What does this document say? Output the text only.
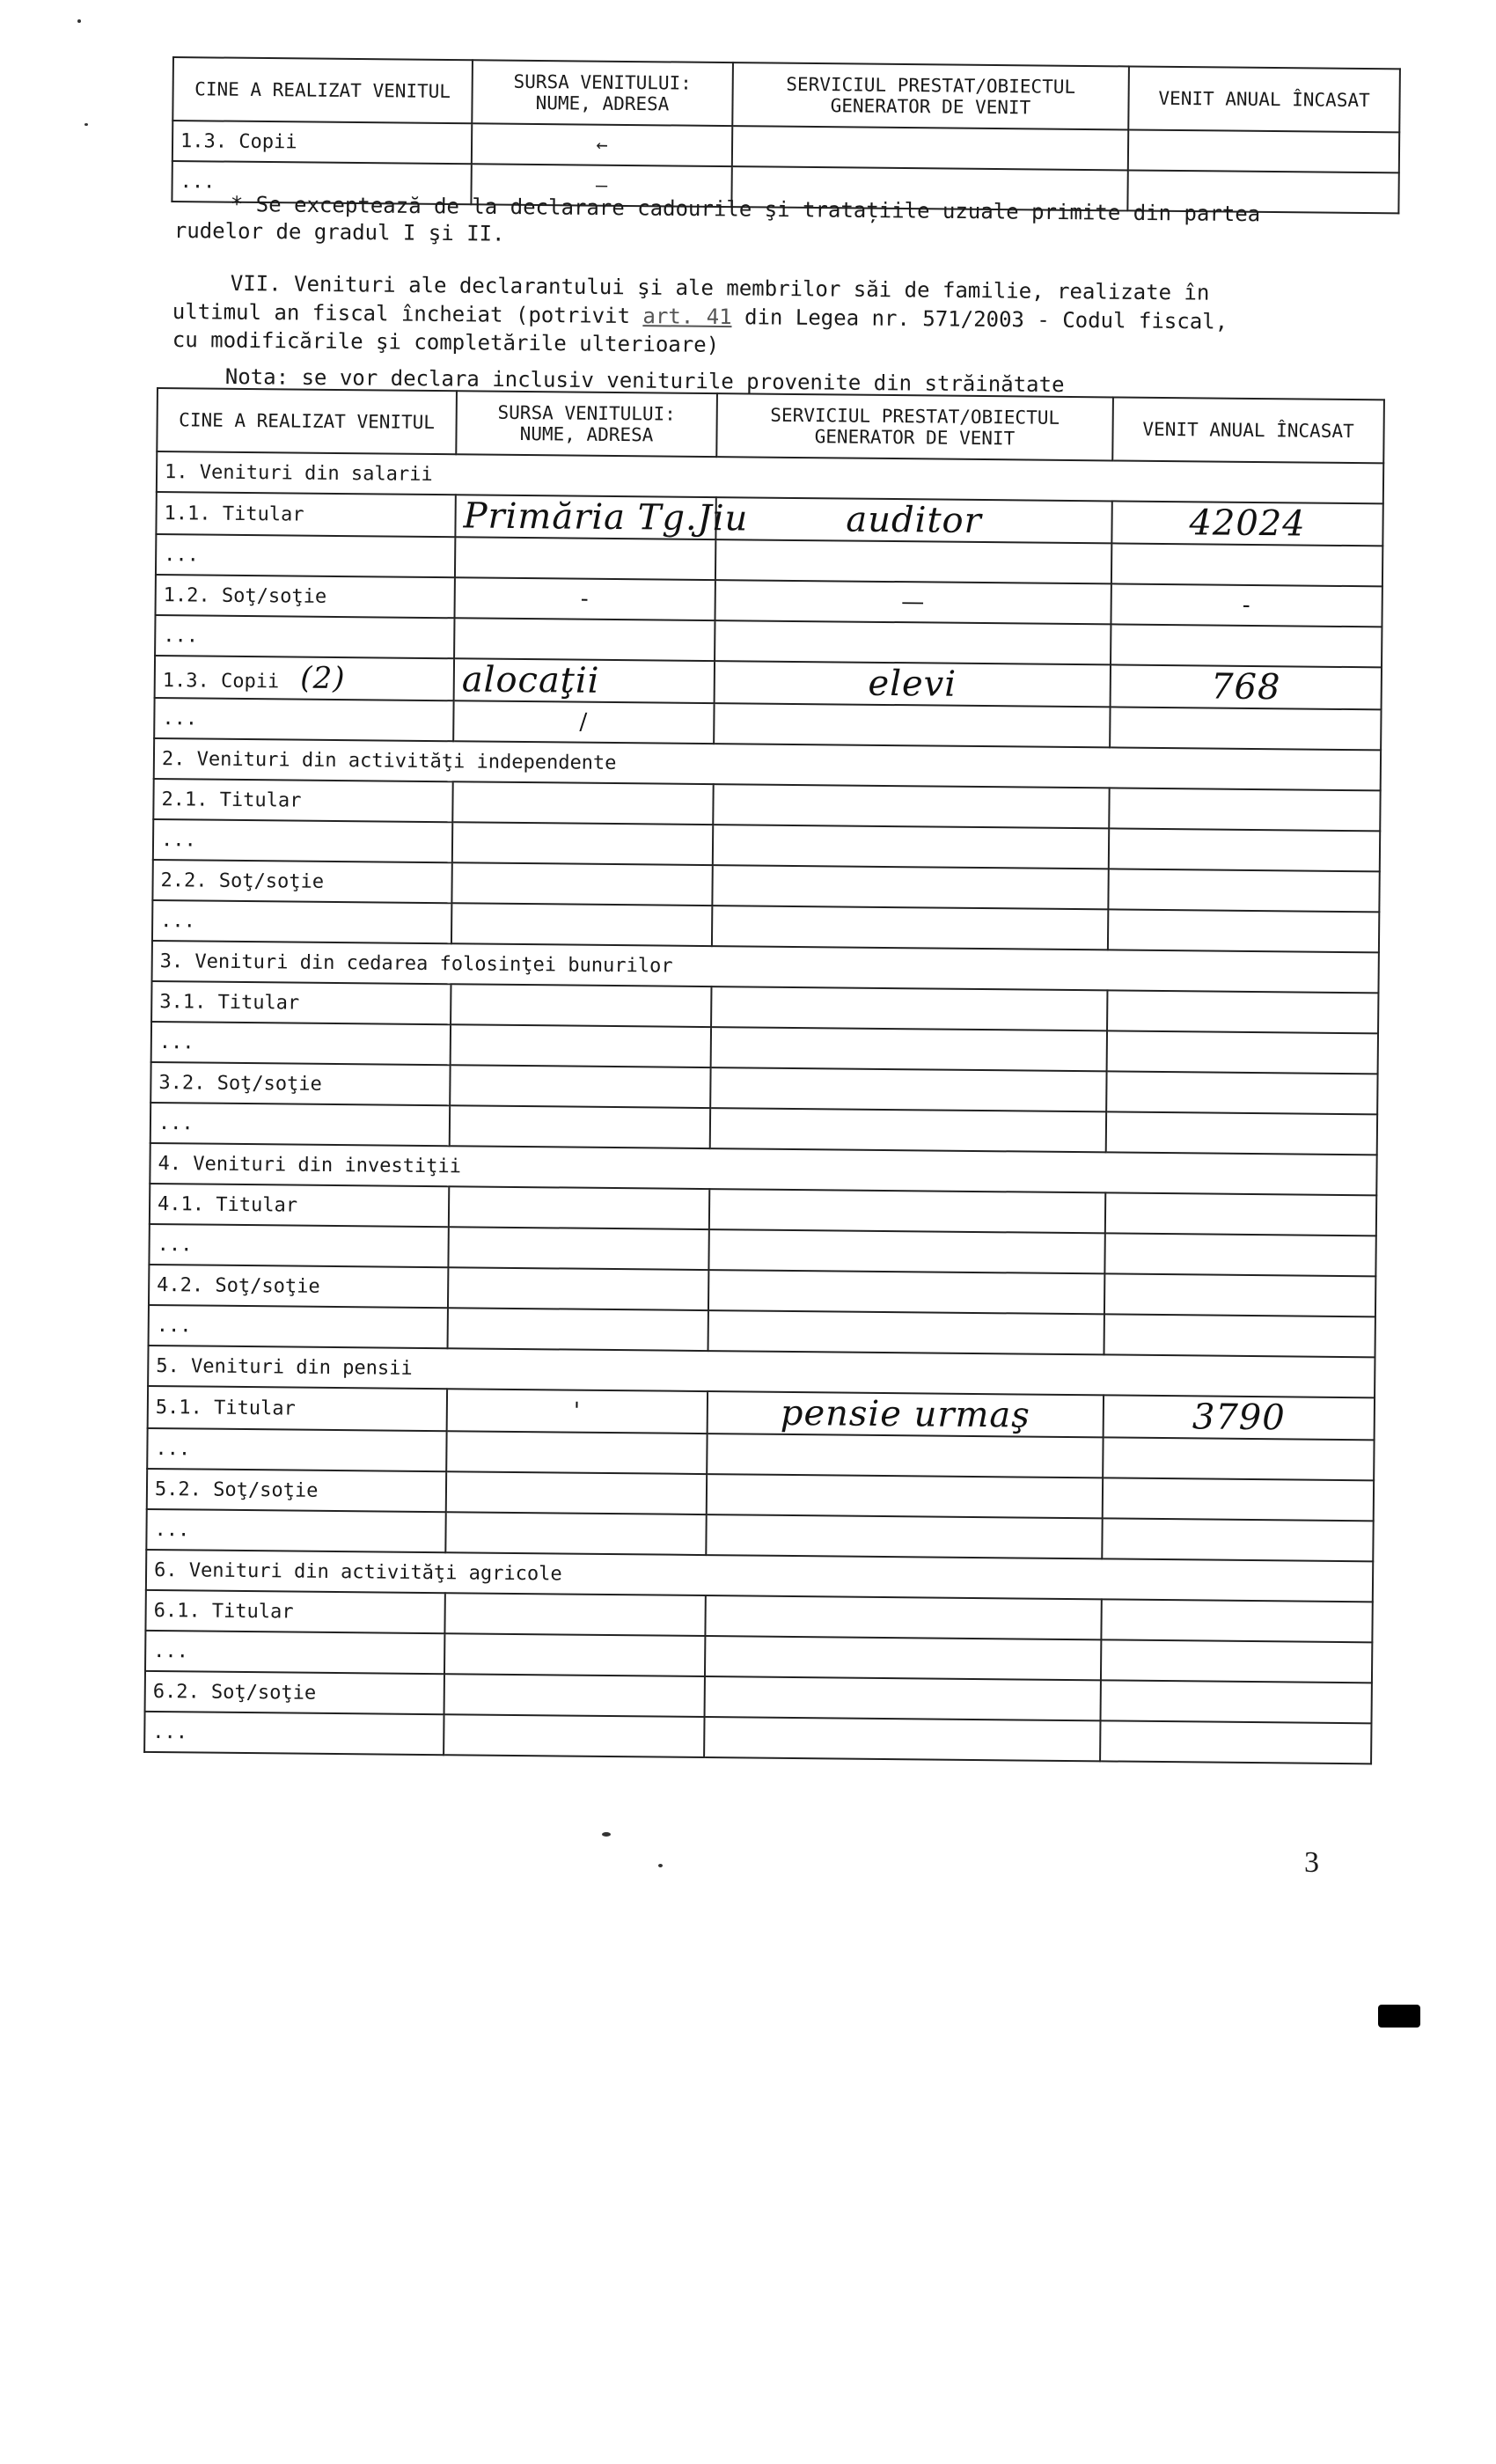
CINE A REALIZAT VENITUL	SURSA VENITULUI: NUME, ADRESA	SERVICIUL PRESTAT/OBIECTUL GENERATOR DE VENIT	VENIT ANUAL ÎNCASAT
1.3. Copii	←		
...	—		
* Se exceptează de la declarare cadourile şi tratațiile uzuale primite din partea
rudelor de gradul I şi II.
VII. Venituri ale declarantului şi ale membrilor săi de familie, realizate în
ultimul an fiscal încheiat (potrivit art. 41 din Legea nr. 571/2003 - Codul fiscal,
cu modificările şi completările ulterioare)
Nota: se vor declara inclusiv veniturile provenite din străinătate
CINE A REALIZAT VENITUL	SURSA VENITULUI: NUME, ADRESA	SERVICIUL PRESTAT/OBIECTUL GENERATOR DE VENIT	VENIT ANUAL ÎNCASAT
1. Venituri din salarii			
1.1. Titular	Primăria Tg.Jiu	auditor	42024
...			
1.2. Soţ/soţie	-	—	-
...			
1.3. Copii (2)	alocaţii	elevi	768
...	/		
2. Venituri din activităţi independente			
2.1. Titular			
...			
2.2. Soţ/soţie			
...			
3. Venituri din cedarea folosinţei bunurilor			
3.1. Titular			
...			
3.2. Soţ/soţie			
...			
4. Venituri din investiţii			
4.1. Titular			
...			
4.2. Soţ/soţie			
...			
5. Venituri din pensii			
5.1. Titular	'	pensie urmaş	3790
...			
5.2. Soţ/soţie			
...			
6. Venituri din activităţi agricole			
6.1. Titular			
...			
6.2. Soţ/soţie			
...			
3
